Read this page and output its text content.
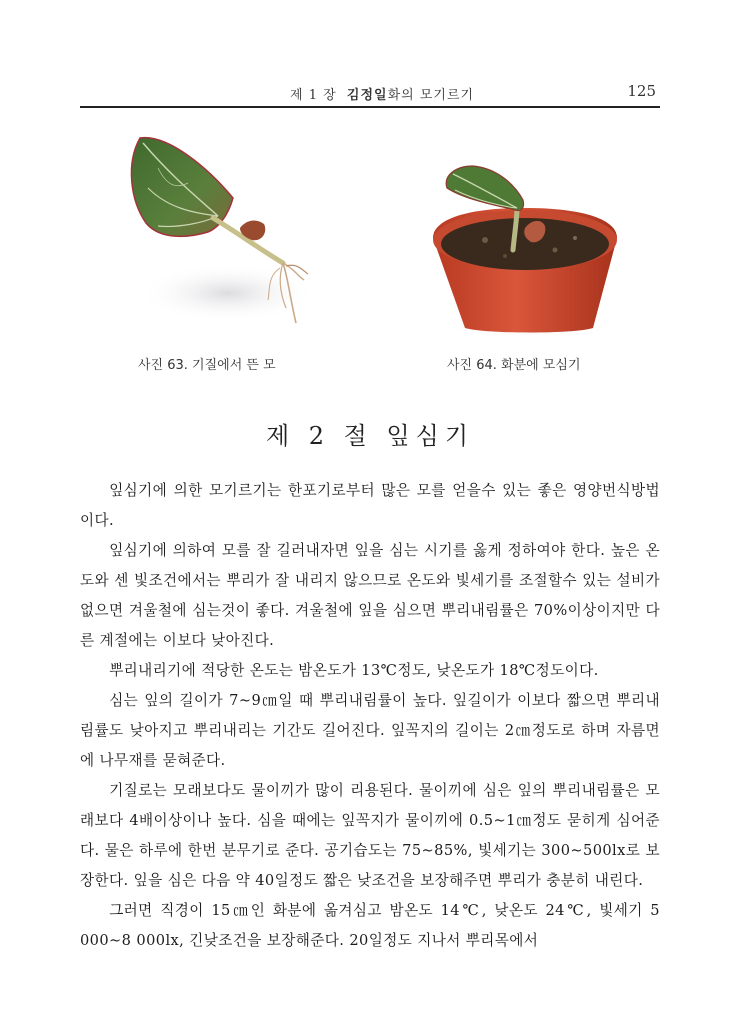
제 1 장 김정일화의 모기르기	125
사진 63. 기질에서 뜬 모	사진 64. 화분에 모심기
제 2 절 잎심기

잎심기에 의한 모기르기는 한포기로부터 많은 모를 얻을수 있는 좋은 영양번식방법이다.

잎심기에 의하여 모를 잘 길러내자면 잎을 심는 시기를 옳게 정하여야 한다. 높은 온도와 센 빛조건에서는 뿌리가 잘 내리지 않으므로 온도와 빛세기를 조절할수 있는 설비가 없으면 겨울철에 심는것이 좋다. 겨울철에 잎을 심으면 뿌리내림률은 70%이상이지만 다른 계절에는 이보다 낮아진다.

뿌리내리기에 적당한 온도는 밤온도가 13℃정도, 낮온도가 18℃정도이다.

심는 잎의 길이가 7∼9㎝일 때 뿌리내림률이 높다. 잎길이가 이보다 짧으면 뿌리내림률도 낮아지고 뿌리내리는 기간도 길어진다. 잎꼭지의 길이는 2㎝정도로 하며 자름면에 나무재를 묻혀준다.

기질로는 모래보다도 물이끼가 많이 리용된다. 물이끼에 심은 잎의 뿌리내림률은 모래보다 4배이상이나 높다. 심을 때에는 잎꼭지가 물이끼에 0.5∼1㎝정도 묻히게 심어준다. 물은 하루에 한번 분무기로 준다. 공기습도는 75∼85%, 빛세기는 300∼500lx로 보장한다. 잎을 심은 다음 약 40일정도 짧은 낮조건을 보장해주면 뿌리가 충분히 내린다.

그러면 직경이 15㎝인 화분에 옮겨심고 밤온도 14℃, 낮온도 24℃, 빛세기 5 000∼8 000lx, 긴낮조건을 보장해준다. 20일정도 지나서 뿌리목에서
